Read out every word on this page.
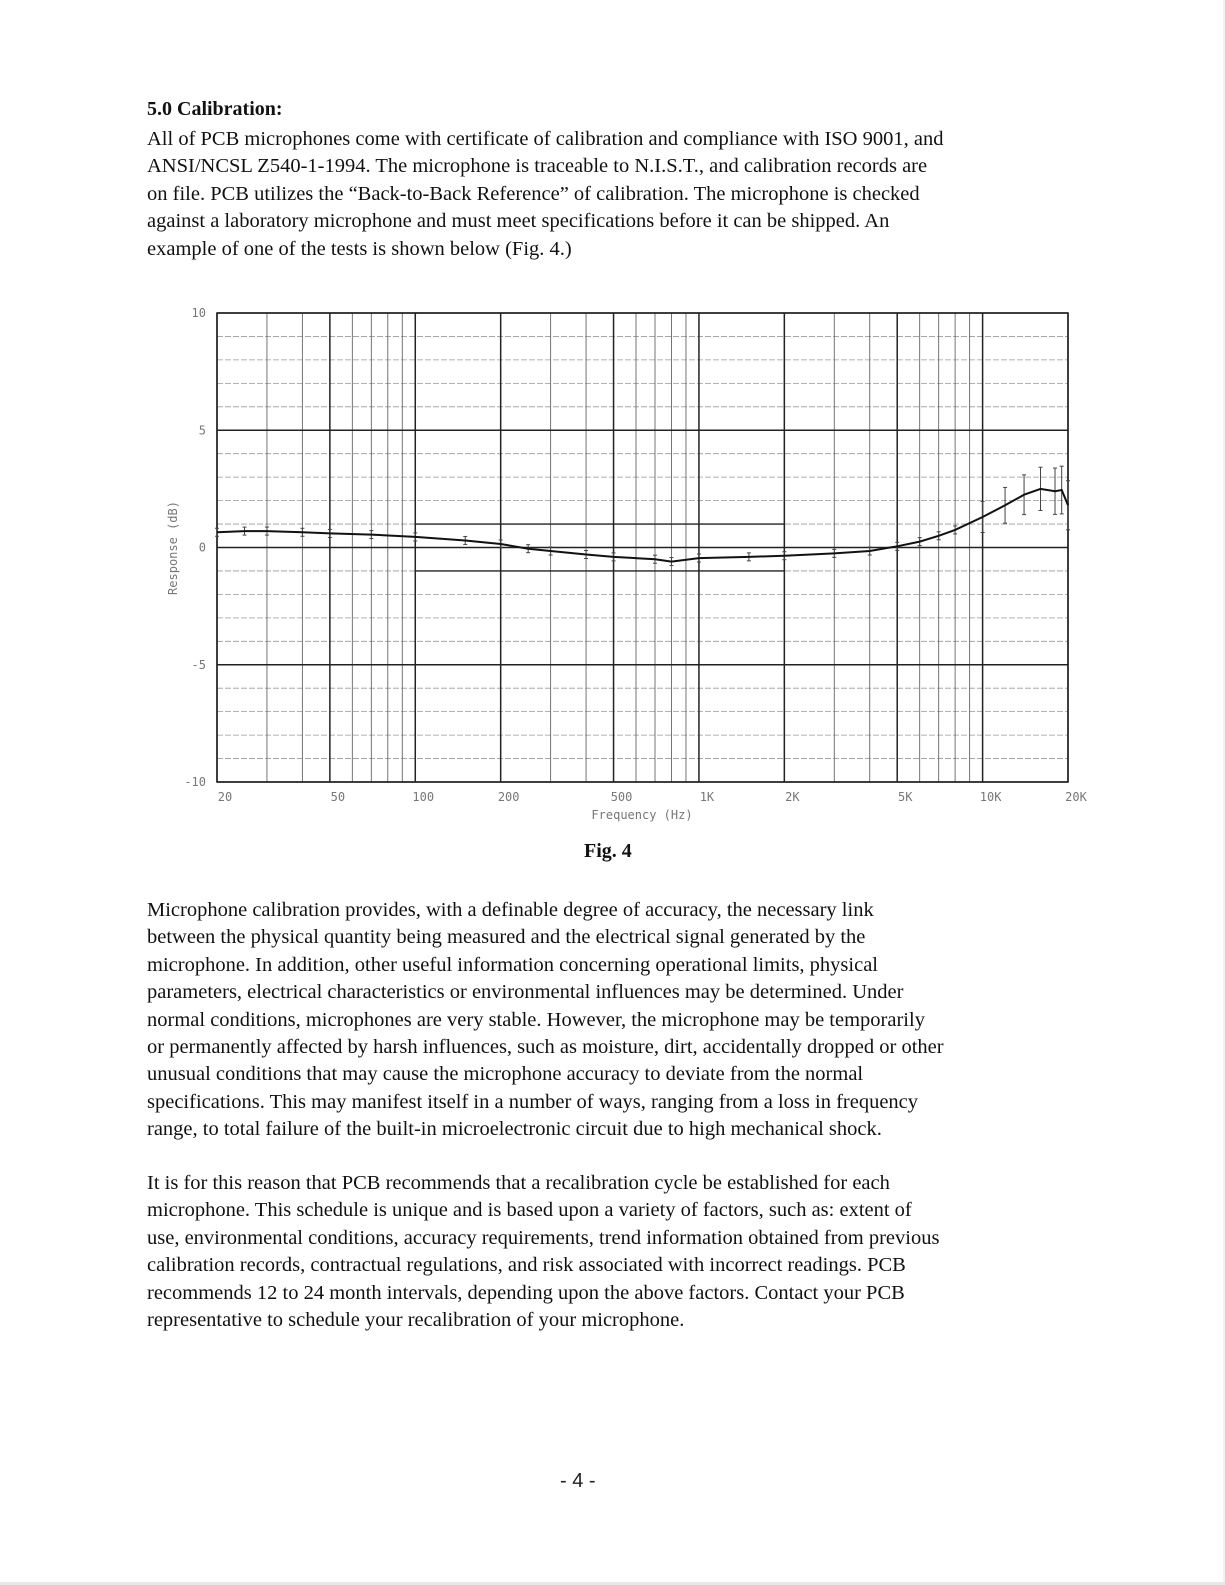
5.0 Calibration:
All of PCB microphones come with certificate of calibration and compliance with ISO 9001, and
ANSI/NCSL Z540-1-1994. The microphone is traceable to N.I.S.T., and calibration records are
on file. PCB utilizes the “Back-to-Back Reference” of calibration. The microphone is checked
against a laboratory microphone and must meet specifications before it can be shipped. An
example of one of the tests is shown below (Fig. 4.)
10
5
0
-5
-10
20	50	100	200	500	1K	2K	5K	10K	20K
Frequency (Hz)
Response (dB)
Fig. 4
Microphone calibration provides, with a definable degree of accuracy, the necessary link
between the physical quantity being measured and the electrical signal generated by the
microphone. In addition, other useful information concerning operational limits, physical
parameters, electrical characteristics or environmental influences may be determined. Under
normal conditions, microphones are very stable. However, the microphone may be temporarily
or permanently affected by harsh influences, such as moisture, dirt, accidentally dropped or other
unusual conditions that may cause the microphone accuracy to deviate from the normal
specifications. This may manifest itself in a number of ways, ranging from a loss in frequency
range, to total failure of the built-in microelectronic circuit due to high mechanical shock.
It is for this reason that PCB recommends that a recalibration cycle be established for each
microphone. This schedule is unique and is based upon a variety of factors, such as: extent of
use, environmental conditions, accuracy requirements, trend information obtained from previous
calibration records, contractual regulations, and risk associated with incorrect readings. PCB
recommends 12 to 24 month intervals, depending upon the above factors. Contact your PCB
representative to schedule your recalibration of your microphone.
- 4 -
